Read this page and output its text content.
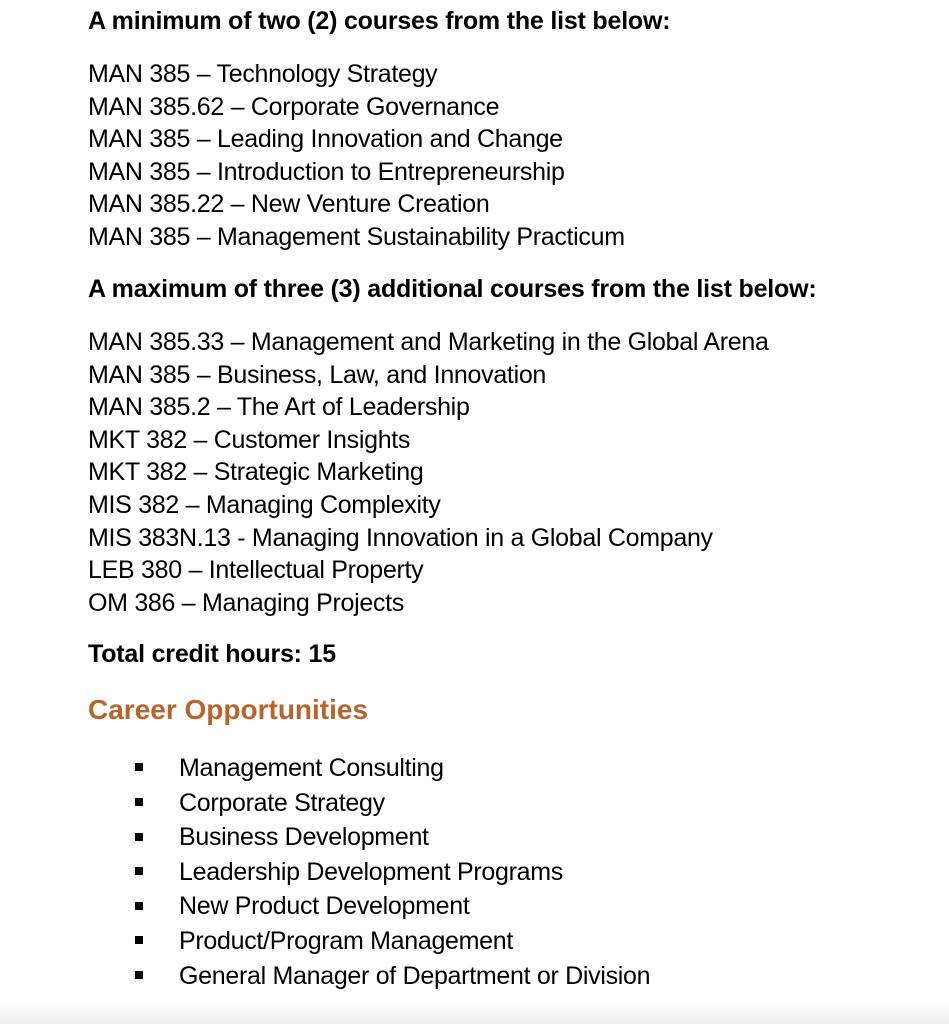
A minimum of two (2) courses from the list below:
MAN 385 – Technology Strategy
MAN 385.62 – Corporate Governance
MAN 385 – Leading Innovation and Change
MAN 385 – Introduction to Entrepreneurship
MAN 385.22 – New Venture Creation
MAN 385 – Management Sustainability Practicum
A maximum of three (3) additional courses from the list below:
MAN 385.33 – Management and Marketing in the Global Arena
MAN 385 – Business, Law, and Innovation
MAN 385.2 – The Art of Leadership
MKT 382 – Customer Insights
MKT 382 – Strategic Marketing
MIS 382 – Managing Complexity
MIS 383N.13 - Managing Innovation in a Global Company
LEB 380 – Intellectual Property
OM 386 – Managing Projects
Total credit hours: 15
Career Opportunities
Management Consulting
Corporate Strategy
Business Development
Leadership Development Programs
New Product Development
Product/Program Management
General Manager of Department or Division
